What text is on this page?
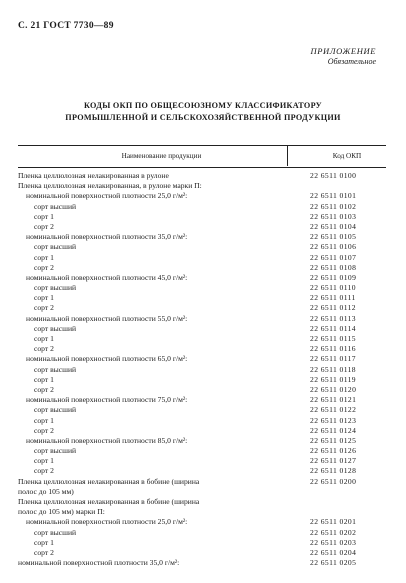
С. 21 ГОСТ 7730—89
ПРИЛОЖЕНИЕ
Обязательное
КОДЫ ОКП ПО ОБЩЕСОЮЗНОМУ КЛАССИФИКАТОРУ
ПРОМЫШЛЕННОЙ И СЕЛЬСКОХОЗЯЙСТВЕННОЙ ПРОДУКЦИИ
Наименование продукции	Код ОКП
Пленка целлюлозная нелакированная в рулоне	22 6511 0100
Пленка целлюлозная нелакированная, в рулоне марки П:
номинальной поверхностной плотности 25,0 г/м²:	22 6511 0101
сорт высший	22 6511 0102
сорт 1	22 6511 0103
сорт 2	22 6511 0104
номинальной поверхностной плотности 35,0 г/м²:	22 6511 0105
сорт высший	22 6511 0106
сорт 1	22 6511 0107
сорт 2	22 6511 0108
номинальной поверхностной плотности 45,0 г/м²:	22 6511 0109
сорт высший	22 6511 0110
сорт 1	22 6511 0111
сорт 2	22 6511 0112
номинальной поверхностной плотности 55,0 г/м²:	22 6511 0113
сорт высший	22 6511 0114
сорт 1	22 6511 0115
сорт 2	22 6511 0116
номинальной поверхностной плотности 65,0 г/м²:	22 6511 0117
сорт высший	22 6511 0118
сорт 1	22 6511 0119
сорт 2	22 6511 0120
номинальной поверхностной плотности 75,0 г/м²:	22 6511 0121
сорт высший	22 6511 0122
сорт 1	22 6511 0123
сорт 2	22 6511 0124
номинальной поверхностной плотности 85,0 г/м²:	22 6511 0125
сорт высший	22 6511 0126
сорт 1	22 6511 0127
сорт 2	22 6511 0128
Пленка целлюлозная нелакированная в бобине (ширина	22 6511 0200
полос до 105 мм)
Пленка целлюлозная нелакированная в бобине (ширина
полос до 105 мм) марки П:
номинальной поверхностной плотности 25,0 г/м²:	22 6511 0201
сорт высший	22 6511 0202
сорт 1	22 6511 0203
сорт 2	22 6511 0204
номинальной поверхностной плотности 35,0 г/м²:	22 6511 0205
